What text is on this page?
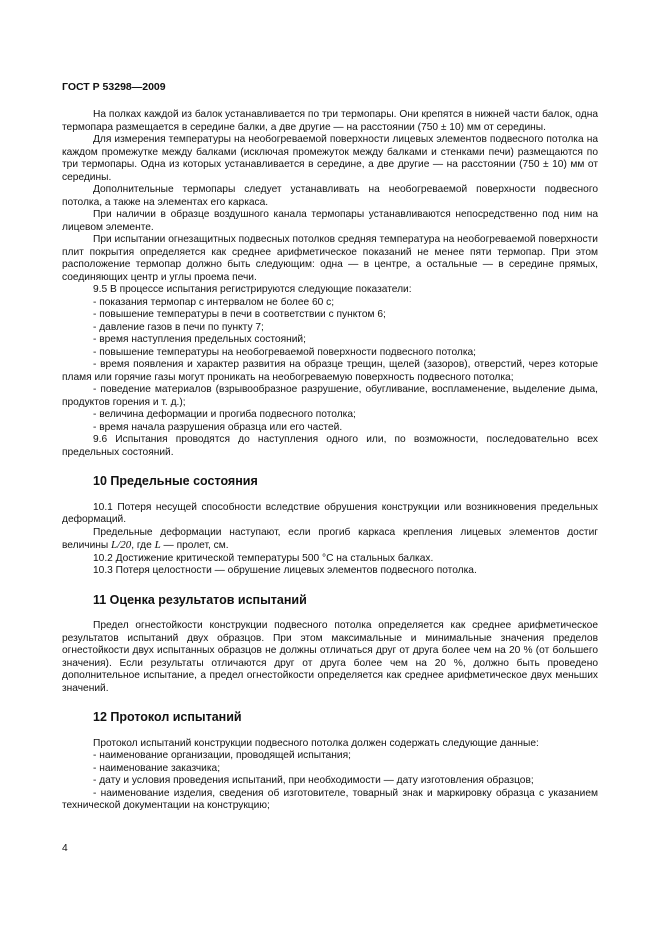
ГОСТ Р 53298—2009

На полках каждой из балок устанавливается по три термопары. Они крепятся в нижней части балок, одна термопара размещается в середине балки, а две другие — на расстоянии (750 ± 10) мм от середины.

Для измерения температуры на необогреваемой поверхности лицевых элементов подвесного потолка на каждом промежутке между балками (исключая промежуток между балками и стенками печи) размещаются по три термопары. Одна из которых устанавливается в середине, а две другие — на расстоянии (750 ± 10) мм от середины.

Дополнительные термопары следует устанавливать на необогреваемой поверхности подвесного потолка, а также на элементах его каркаса.

При наличии в образце воздушного канала термопары устанавливаются непосредственно под ним на лицевом элементе.

При испытании огнезащитных подвесных потолков средняя температура на необогреваемой поверхности плит покрытия определяется как среднее арифметическое показаний не менее пяти термопар. При этом расположение термопар должно быть следующим: одна — в центре, а остальные — в середине прямых, соединяющих центр и углы проема печи.

9.5 В процессе испытания регистрируются следующие показатели:

- показания термопар с интервалом не более 60 с;

- повышение температуры в печи в соответствии с пунктом 6;

- давление газов в печи по пункту 7;

- время наступления предельных состояний;

- повышение температуры на необогреваемой поверхности подвесного потолка;

- время появления и характер развития на образце трещин, щелей (зазоров), отверстий, через которые пламя или горячие газы могут проникать на необогреваемую поверхность подвесного потолка;

- поведение материалов (взрывообразное разрушение, обугливание, воспламенение, выделение дыма, продуктов горения и т. д.);

- величина деформации и прогиба подвесного потолка;

- время начала разрушения образца или его частей.

9.6 Испытания проводятся до наступления одного или, по возможности, последовательно всех предельных состояний.

10 Предельные состояния

10.1 Потеря несущей способности вследствие обрушения конструкции или возникновения предельных деформаций.

Предельные деформации наступают, если прогиб каркаса крепления лицевых элементов достиг величины L/20, где L — пролет, см.

10.2 Достижение критической температуры 500 °С на стальных балках.

10.3 Потеря целостности — обрушение лицевых элементов подвесного потолка.

11 Оценка результатов испытаний

Предел огнестойкости конструкции подвесного потолка определяется как среднее арифметическое результатов испытаний двух образцов. При этом максимальные и минимальные значения пределов огнестойкости двух испытанных образцов не должны отличаться друг от друга более чем на 20 % (от большего значения). Если результаты отличаются друг от друга более чем на 20 %, должно быть проведено дополнительное испытание, а предел огнестойкости определяется как среднее арифметическое двух меньших значений.

12 Протокол испытаний

Протокол испытаний конструкции подвесного потолка должен содержать следующие данные:

- наименование организации, проводящей испытания;

- наименование заказчика;

- дату и условия проведения испытаний, при необходимости — дату изготовления образцов;

- наименование изделия, сведения об изготовителе, товарный знак и маркировку образца с указанием технической документации на конструкцию;

4
